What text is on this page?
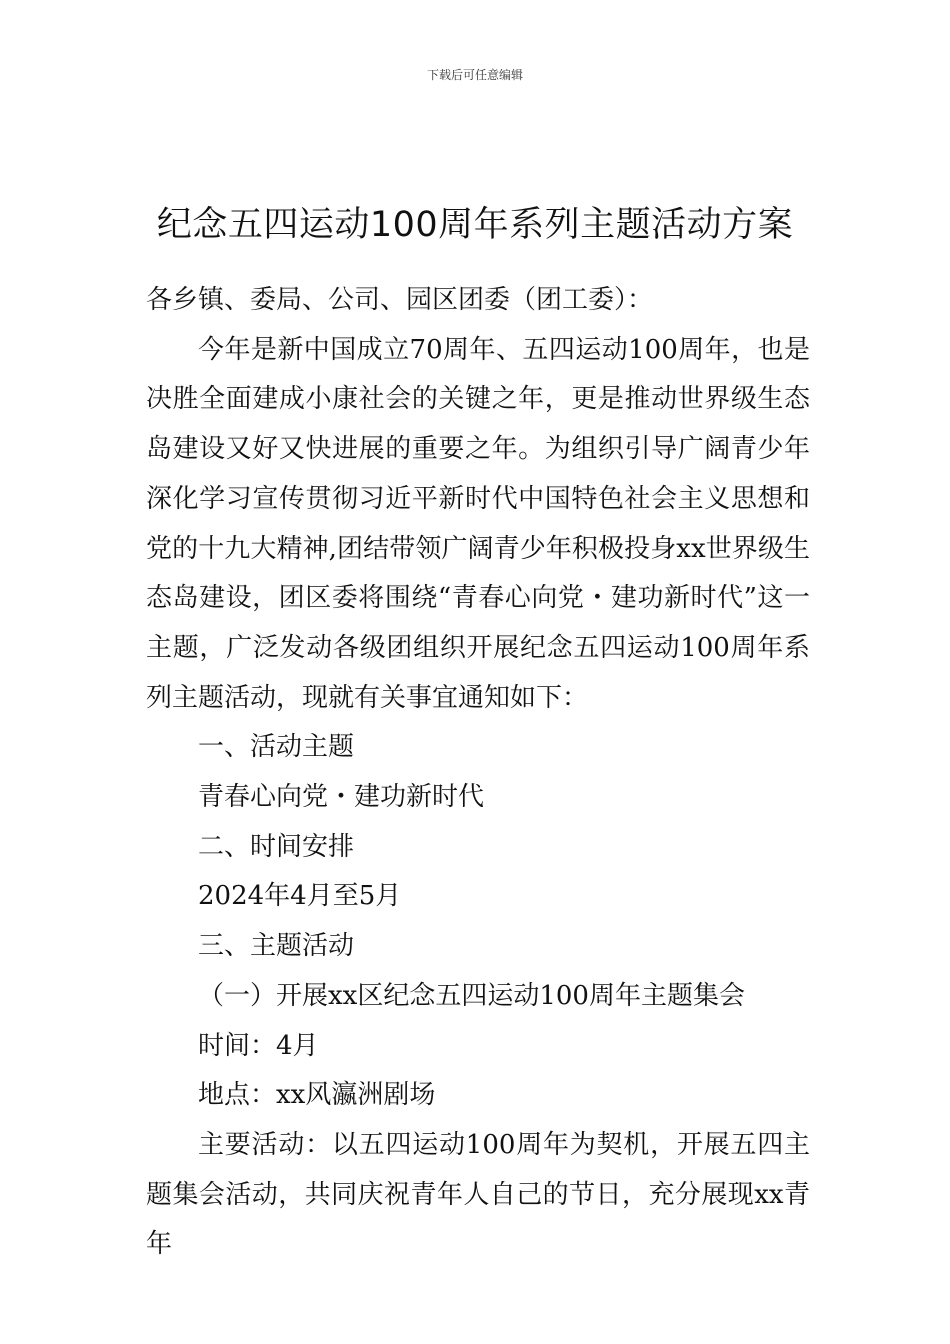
下载后可任意编辑
纪念五四运动100周年系列主题活动方案

各乡镇、委局、公司、园区团委（团工委）：

今年是新中国成立70周年、五四运动100周年，也是决胜全面建成小康社会的关键之年，更是推动世界级生态岛建设又好又快进展的重要之年。为组织引导广阔青少年深化学习宣传贯彻习近平新时代中国特色社会主义思想和党的十九大精神,团结带领广阔青少年积极投身xx世界级生态岛建设，团区委将围绕“青春心向党・建功新时代”这一主题，广泛发动各级团组织开展纪念五四运动100周年系列主题活动，现就有关事宜通知如下：

一、活动主题

青春心向党・建功新时代

二、时间安排

2024年4月至5月

三、主题活动

（一）开展xx区纪念五四运动100周年主题集会

时间：4月

地点：xx风瀛洲剧场

主要活动：以五四运动100周年为契机，开展五四主题集会活动，共同庆祝青年人自己的节日，充分展现xx青年
